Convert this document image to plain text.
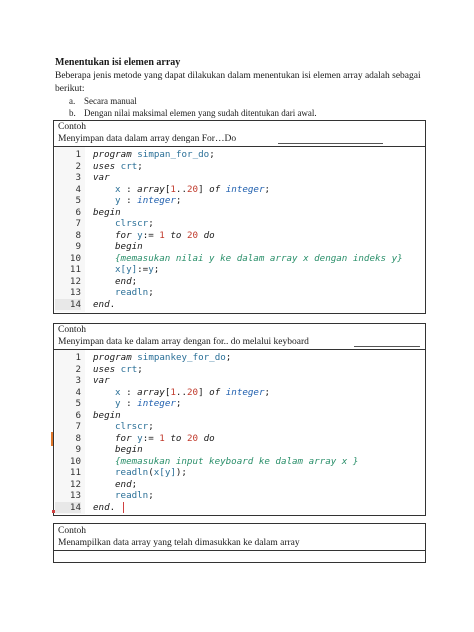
Menentukan isi elemen array
Beberapa jenis metode yang dapat dilakukan dalam menentukan isi elemen array adalah sebagai berikut:
a. Secara manual
b. Dengan nilai maksimal elemen yang sudah ditentukan dari awal.
Contoh
Menyimpan data dalam array dengan For…Do
1 program simpan_for_do;
2 uses crt;
3 var
4	x : array[1..20] of integer;
5	y : integer;
6 begin
7	clrscr;
8	for y:= 1 to 20 do
9	begin
10	{memasukan nilai y ke dalam array x dengan indeks y}
11	x[y]:=y;
12	end;
13	readln;
14 end.
Contoh
Menyimpan data ke dalam array dengan for.. do melalui keyboard
1 program simpankey_for_do;
2 uses crt;
3 var
4	x : array[1..20] of integer;
5	y : integer;
6 begin
7	clrscr;
8	for y:= 1 to 20 do
9	begin
10	{memasukan input keyboard ke dalam array x }
11	readln(x[y]);
12	end;
13	readln;
14 end.
Contoh
Menampilkan data array yang telah dimasukkan ke dalam array
